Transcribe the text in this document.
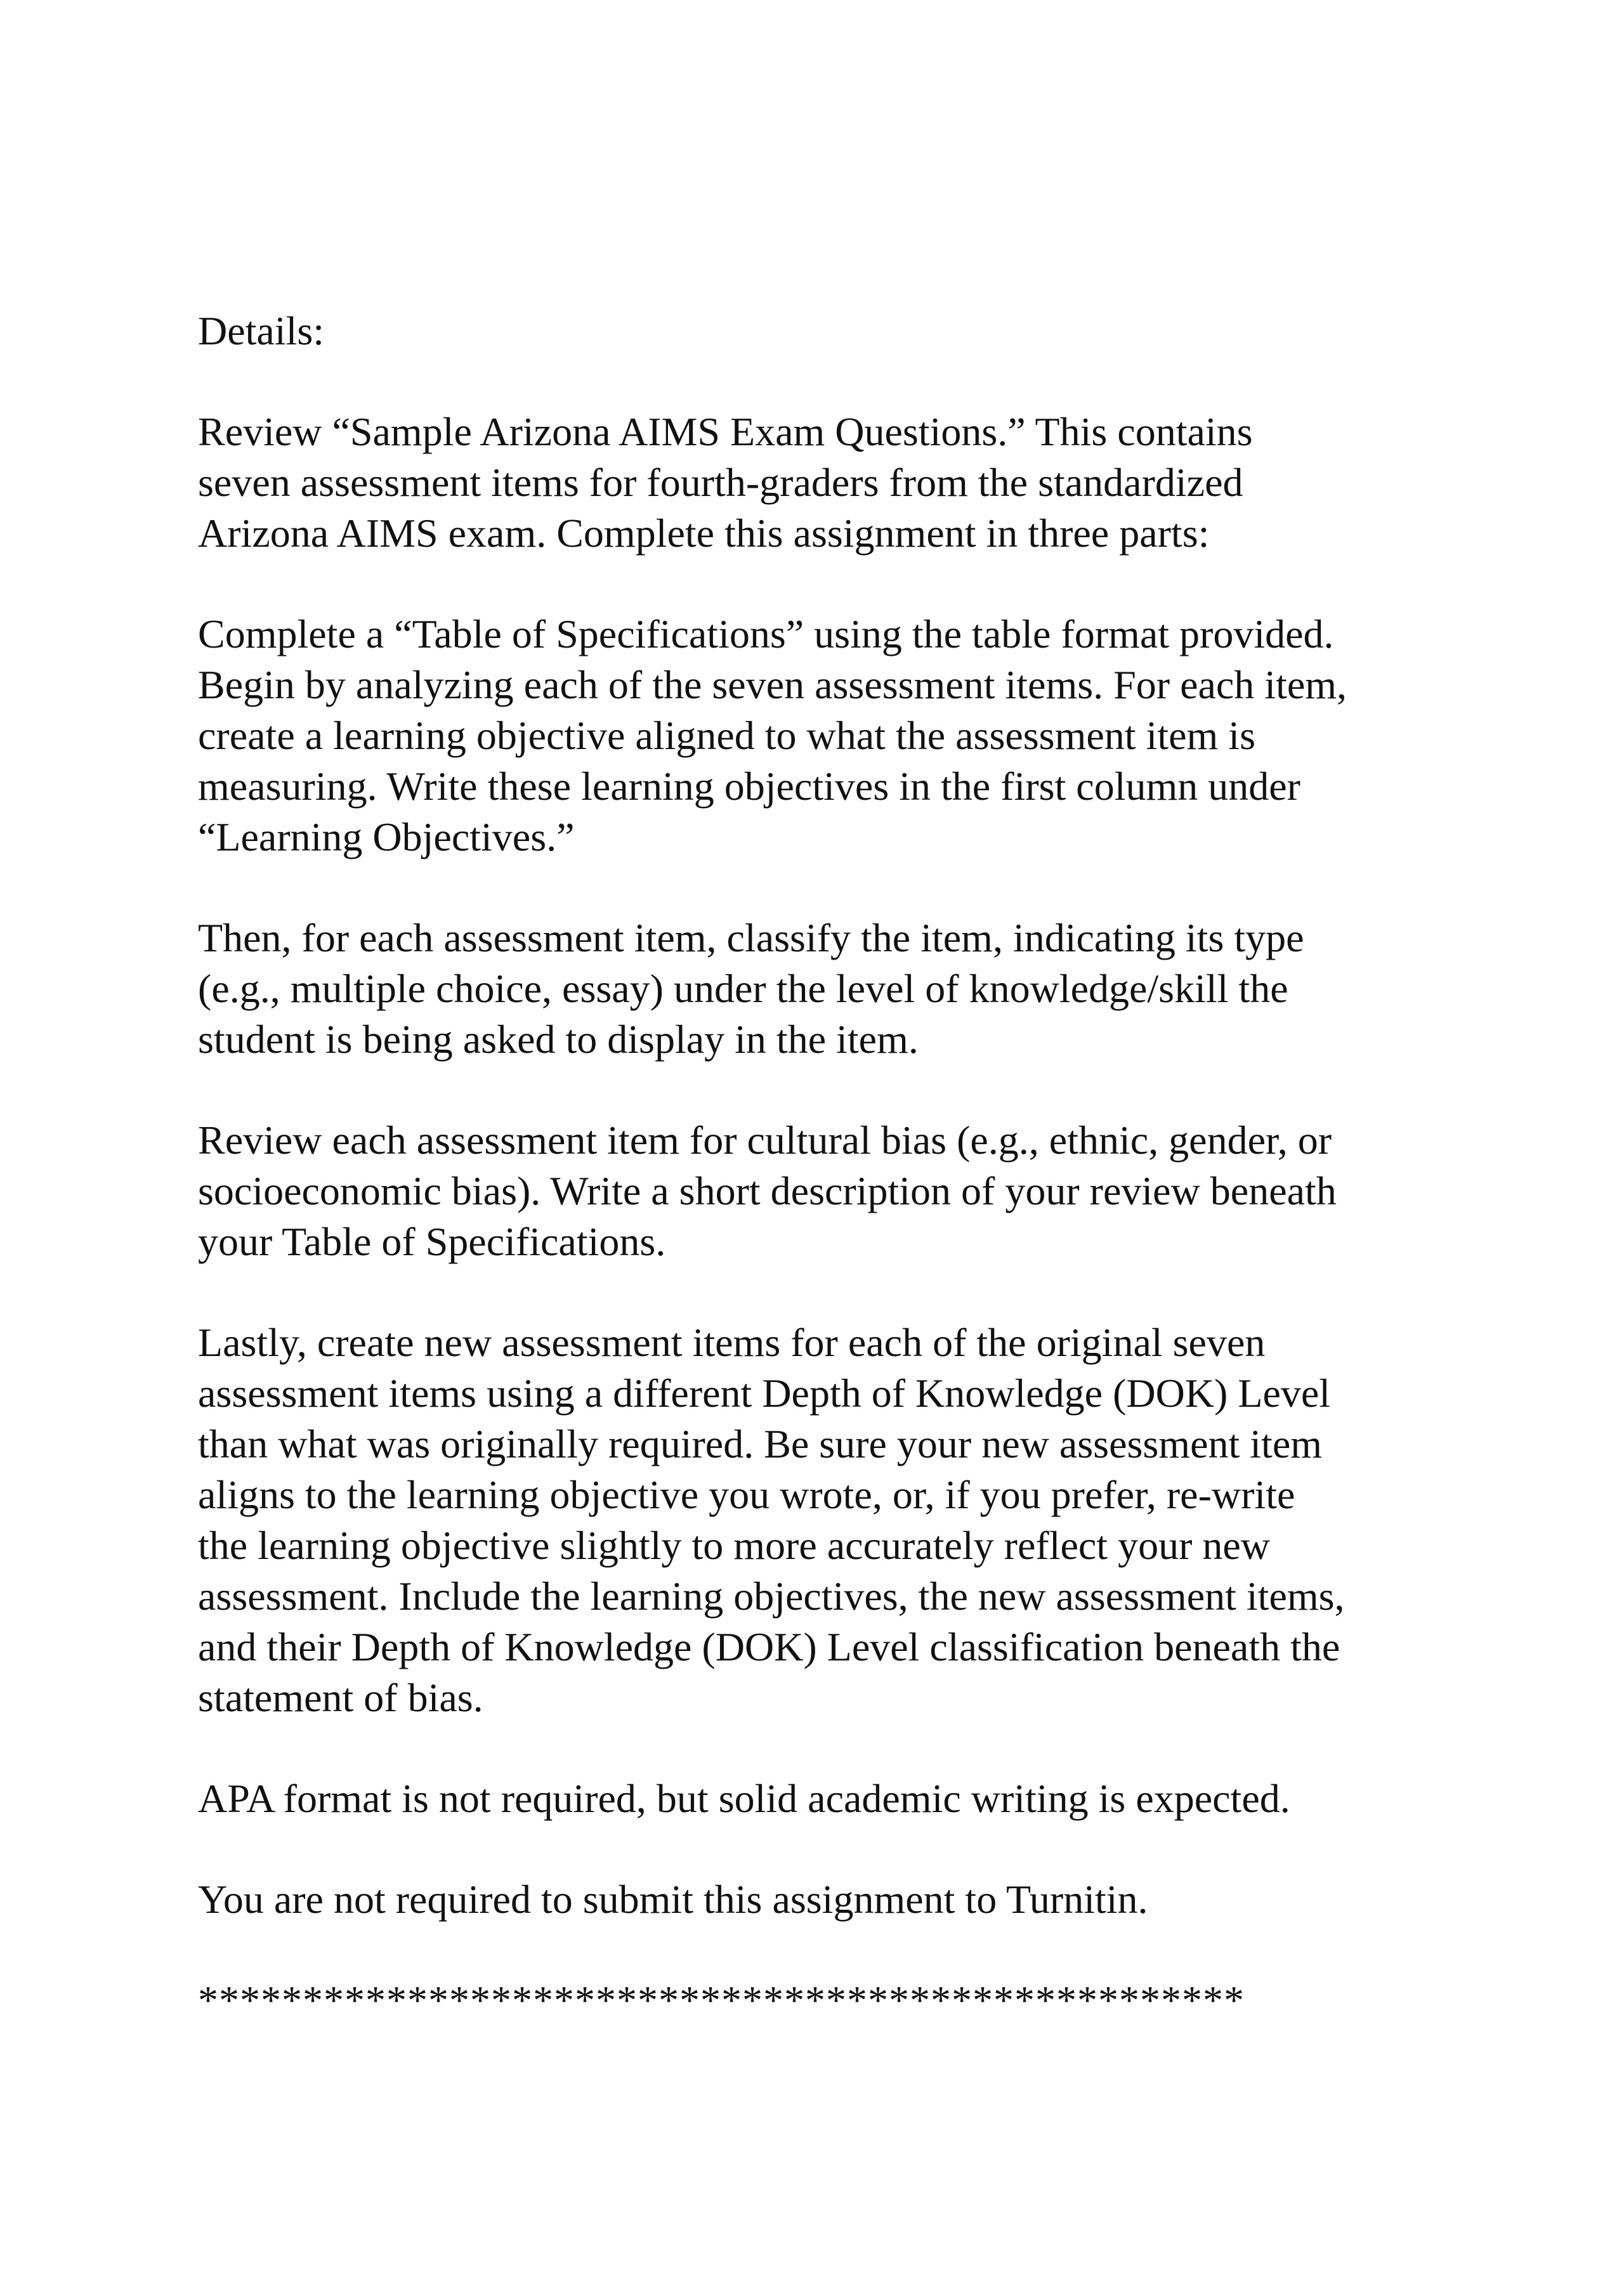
Details:

Review “Sample Arizona AIMS Exam Questions.” This contains
seven assessment items for fourth-graders from the standardized
Arizona AIMS exam. Complete this assignment in three parts:

Complete a “Table of Specifications” using the table format provided.
Begin by analyzing each of the seven assessment items. For each item,
create a learning objective aligned to what the assessment item is
measuring. Write these learning objectives in the first column under
“Learning Objectives.”

Then, for each assessment item, classify the item, indicating its type
(e.g., multiple choice, essay) under the level of knowledge/skill the
student is being asked to display in the item.

Review each assessment item for cultural bias (e.g., ethnic, gender, or
socioeconomic bias). Write a short description of your review beneath
your Table of Specifications.

Lastly, create new assessment items for each of the original seven
assessment items using a different Depth of Knowledge (DOK) Level
than what was originally required. Be sure your new assessment item
aligns to the learning objective you wrote, or, if you prefer, re-write
the learning objective slightly to more accurately reflect your new
assessment. Include the learning objectives, the new assessment items,
and their Depth of Knowledge (DOK) Level classification beneath the
statement of bias.

APA format is not required, but solid academic writing is expected.

You are not required to submit this assignment to Turnitin.

**************************************************
